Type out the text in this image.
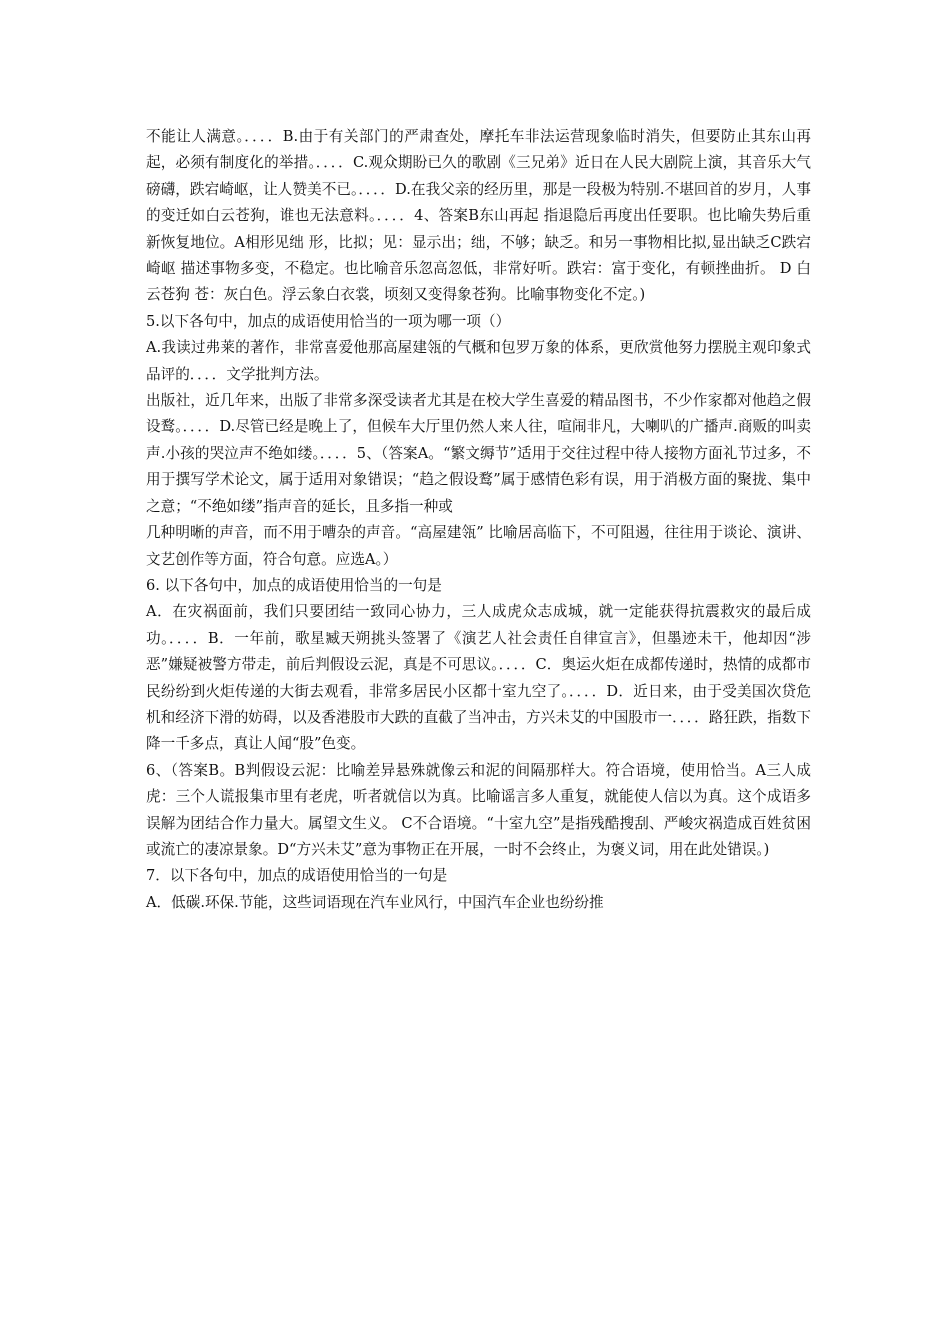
不能让人满意。．．．．B.由于有关部门的严肃查处，摩托车非法运营现象临时消失，但要防止其东山再起，必须有制度化的举措。．．．．C.观众期盼已久的歌剧《三兄弟》近日在人民大剧院上演，其音乐大气磅礴，跌宕崎岖，让人赞美不已。．．．．D.在我父亲的经历里，那是一段极为特别.不堪回首的岁月，人事的变迁如白云苍狗，谁也无法意料。．．．．4、答案B东山再起 指退隐后再度出任要职。也比喻失势后重新恢复地位。A相形见绌 形，比拟；见：显示出；绌，不够；缺乏。和另一事物相比拟,显出缺乏C跌宕崎岖 描述事物多变，不稳定。也比喻音乐忽高忽低，非常好听。跌宕：富于变化，有顿挫曲折。 D 白云苍狗 苍：灰白色。浮云象白衣裳，顷刻又变得象苍狗。比喻事物变化不定。)

5.以下各句中，加点的成语使用恰当的一项为哪一项（）

A.我读过弗莱的著作，非常喜爱他那高屋建瓴的气概和包罗万象的体系，更欣赏他努力摆脱主观印象式品评的．．．．文学批判方法。

出版社，近几年来，出版了非常多深受读者尤其是在校大学生喜爱的精品图书，不少作家都对他趋之假设鹜。．．．．D.尽管已经是晚上了，但候车大厅里仍然人来人往，喧闹非凡，大喇叭的广播声.商贩的叫卖声.小孩的哭泣声不绝如缕。．．．．5、（答案A。“繁文缛节”适用于交往过程中待人接物方面礼节过多，不用于撰写学术论文，属于适用对象错误；“趋之假设鹜”属于感情色彩有误，用于消极方面的聚拢、集中之意；“不绝如缕”指声音的延长，且多指一种或

几种明晰的声音，而不用于嘈杂的声音。“高屋建瓴” 比喻居高临下，不可阻遏，往往用于谈论、演讲、文艺创作等方面，符合句意。应选A。）

6. 以下各句中，加点的成语使用恰当的一句是

A．在灾祸面前，我们只要团结一致同心协力，三人成虎众志成城，就一定能获得抗震救灾的最后成功。．．．．B．一年前，歌星臧天朔挑头签署了《演艺人社会责任自律宣言》，但墨迹未干，他却因“涉恶”嫌疑被警方带走，前后判假设云泥，真是不可思议。．．．．C．奥运火炬在成都传递时，热情的成都市民纷纷到火炬传递的大街去观看，非常多居民小区都十室九空了。．．．．D．近日来，由于受美国次贷危机和经济下滑的妨碍，以及香港股市大跌的直截了当冲击，方兴未艾的中国股市一．．．．路狂跌，指数下降一千多点，真让人闻“股”色变。

6、（答案B。B判假设云泥：比喻差异悬殊就像云和泥的间隔那样大。符合语境，使用恰当。A三人成虎：三个人谎报集市里有老虎，听者就信以为真。比喻谣言多人重复，就能使人信以为真。这个成语多误解为团结合作力量大。属望文生义。 C不合语境。“十室九空”是指残酷搜刮、严峻灾祸造成百姓贫困或流亡的凄凉景象。D“方兴未艾”意为事物正在开展，一时不会终止，为褒义词，用在此处错误。)

7．以下各句中，加点的成语使用恰当的一句是

A．低碳.环保.节能，这些词语现在汽车业风行，中国汽车企业也纷纷推
